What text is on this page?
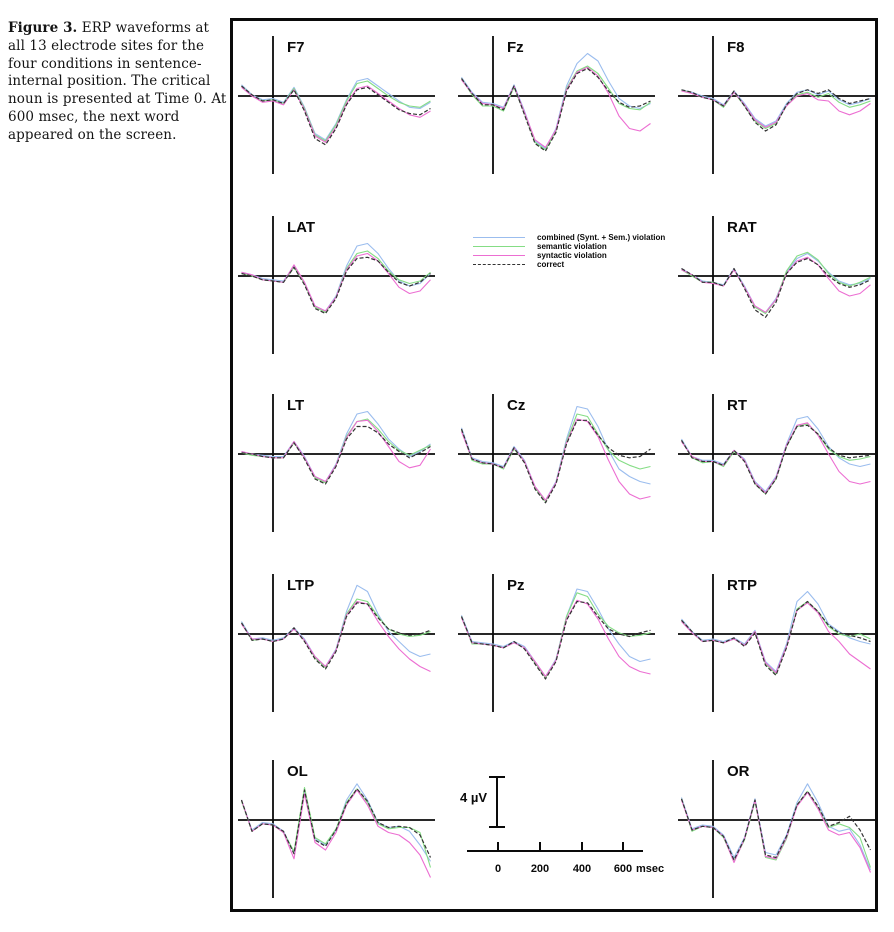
Figure 3. ERP waveforms at all 13 electrode sites for the four conditions in sentence-internal position. The critical noun is presented at Time 0. At 600 msec, the next word appeared on the screen.
combined (Synt. + Sem.) violation
semantic violation
syntactic violation
correct
4 µV
0	200 400 600 msec
F7	Fz	F8
LAT	RAT
LT	Cz	RT
LTP	Pz	RTP
OL	OR
